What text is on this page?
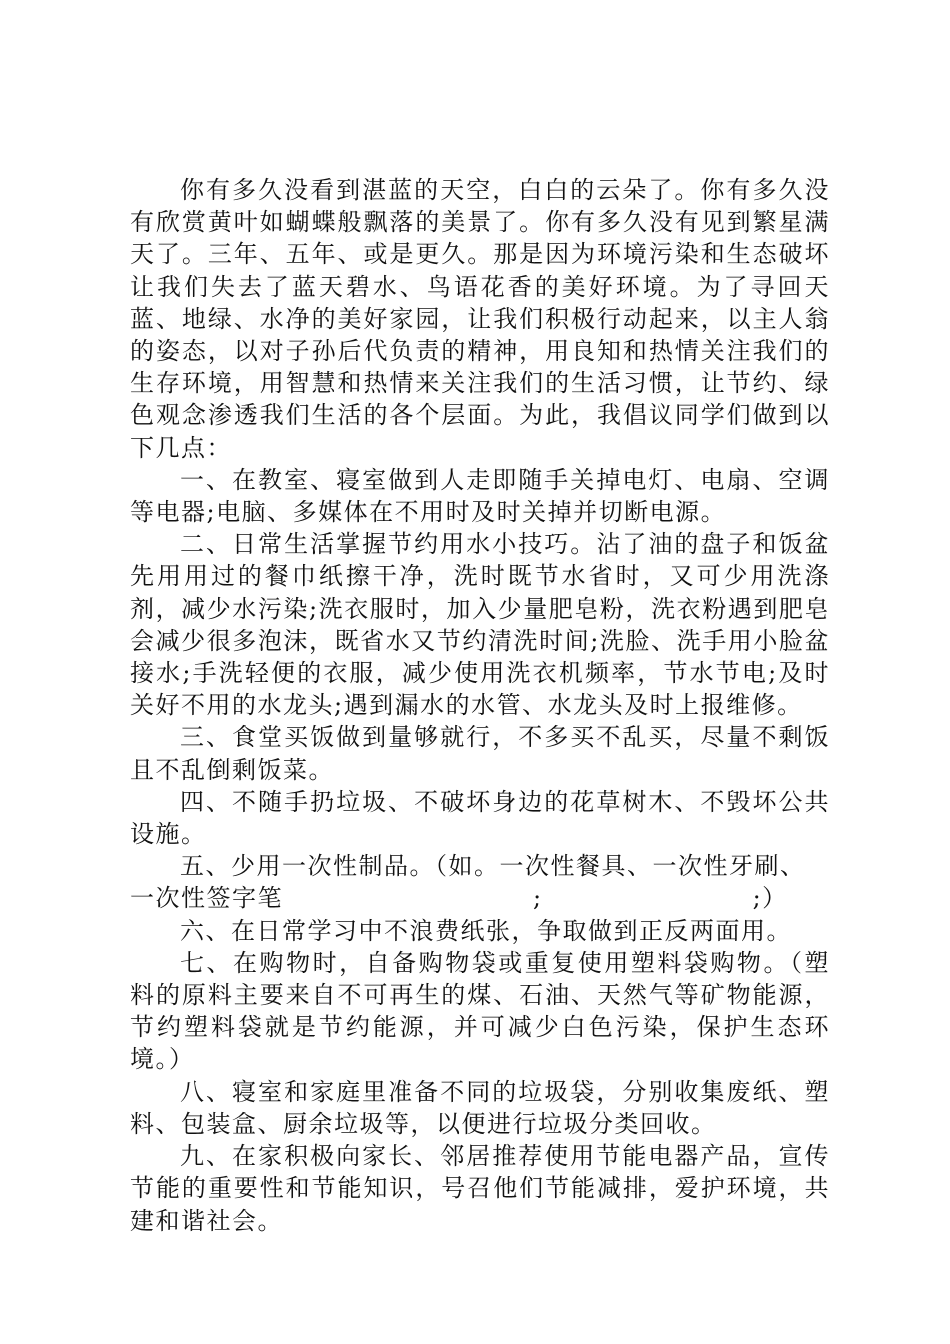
你有多久没看到湛蓝的天空，白白的云朵了。你有多久没有欣赏黄叶如蝴蝶般飘落的美景了。你有多久没有见到繁星满天了。三年、五年、或是更久。那是因为环境污染和生态破坏让我们失去了蓝天碧水、鸟语花香的美好环境。为了寻回天蓝、地绿、水净的美好家园，让我们积极行动起来，以主人翁的姿态，以对子孙后代负责的精神，用良知和热情关注我们的生存环境，用智慧和热情来关注我们的生活习惯，让节约、绿色观念渗透我们生活的各个层面。为此，我倡议同学们做到以下几点：

一、在教室、寝室做到人走即随手关掉电灯、电扇、空调等电器;电脑、多媒体在不用时及时关掉并切断电源。

二、日常生活掌握节约用水小技巧。沾了油的盘子和饭盆先用用过的餐巾纸擦干净，洗时既节水省时，又可少用洗涤剂，减少水污染;洗衣服时，加入少量肥皂粉，洗衣粉遇到肥皂会减少很多泡沫，既省水又节约清洗时间;洗脸、洗手用小脸盆接水;手洗轻便的衣服，减少使用洗衣机频率，节水节电;及时关好不用的水龙头;遇到漏水的水管、水龙头及时上报维修。

三、食堂买饭做到量够就行，不多买不乱买，尽量不剩饭且不乱倒剩饭菜。

四、不随手扔垃圾、不破坏身边的花草树木、不毁坏公共设施。

五、少用一次性制品。（如。一次性餐具、一次性牙刷、

一次性签字笔	;	;）

六、在日常学习中不浪费纸张，争取做到正反两面用。

七、在购物时，自备购物袋或重复使用塑料袋购物。（塑料的原料主要来自不可再生的煤、石油、天然气等矿物能源，节约塑料袋就是节约能源，并可减少白色污染，保护生态环境。）

八、寝室和家庭里准备不同的垃圾袋，分别收集废纸、塑料、包装盒、厨余垃圾等，以便进行垃圾分类回收。

九、在家积极向家长、邻居推荐使用节能电器产品，宣传节能的重要性和节能知识，号召他们节能减排，爱护环境，共建和谐社会。
